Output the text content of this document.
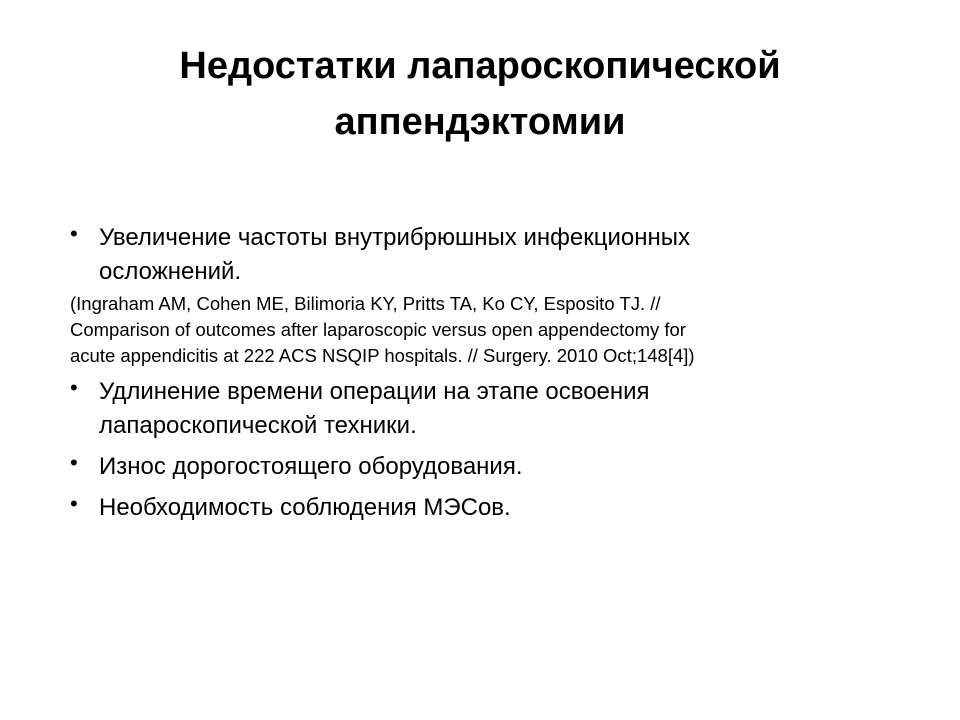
Недостатки лапароскопической
аппендэктомии

• Увеличение частоты внутрибрюшных инфекционных
осложнений.

(Ingraham AM, Cohen ME, Bilimoria KY, Pritts TA, Ko CY, Esposito TJ. //
Comparison of outcomes after laparoscopic versus open appendectomy for
acute appendicitis at 222 ACS NSQIP hospitals. // Surgery. 2010 Oct;148[4])

• Удлинение времени операции на этапе освоения
лапароскопической техники.

• Износ дорогостоящего оборудования.

• Необходимость соблюдения МЭСов.
